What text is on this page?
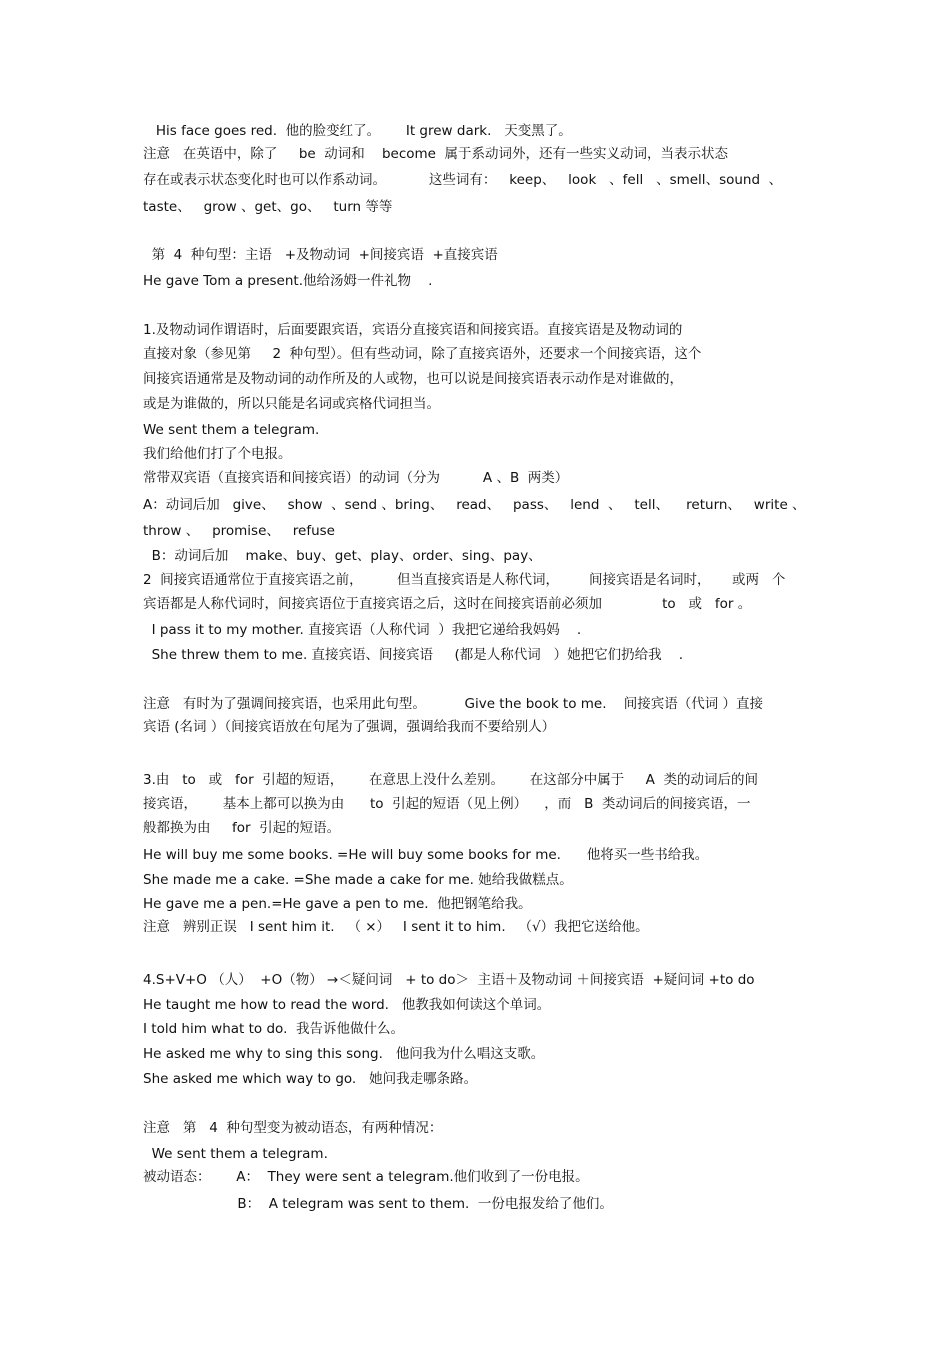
His face goes red.  他的脸变红了。      It grew dark.   天变黑了。
注意   在英语中，除了     be  动词和    become  属于系动词外，还有一些实义动词，当表示状态
存在或表示状态变化时也可以作系动词。          这些词有：   keep、   look   、fell   、smell、sound  、
taste、   grow 、get、go、   turn 等等
第  4  种句型：主语   +及物动词  +间接宾语  +直接宾语
He gave Tom a present.他给汤姆一件礼物    .
1.及物动词作谓语时，后面要跟宾语，宾语分直接宾语和间接宾语。直接宾语是及物动词的
直接对象（参见第     2  种句型）。但有些动词，除了直接宾语外，还要求一个间接宾语，这个
间接宾语通常是及物动词的动作所及的人或物，也可以说是间接宾语表示动作是对谁做的，
或是为谁做的，所以只能是名词或宾格代词担当。
We sent them a telegram.
我们给他们打了个电报。
常带双宾语（直接宾语和间接宾语）的动词（分为          A 、B  两类）
A：动词后加   give、   show  、send 、bring、   read、   pass、   lend  、   tell、    return、   write 、
throw 、   promise、   refuse
B：动词后加    make、buy、get、play、order、sing、pay、
2  间接宾语通常位于直接宾语之前，        但当直接宾语是人称代词，       间接宾语是名词时，     或两   个
宾语都是人称代词时，间接宾语位于直接宾语之后，这时在间接宾语前必须加              to   或   for 。
I pass it to my mother. 直接宾语（人称代词  ）我把它递给我妈妈    .
She threw them to me. 直接宾语、间接宾语     (都是人称代词   ）她把它们扔给我    .
注意   有时为了强调间接宾语，也采用此句型。         Give the book to me.    间接宾语（代词 ）直接
宾语 (名词 ）（间接宾语放在句尾为了强调，强调给我而不要给别人）
3.由   to   或   for  引超的短语，      在意思上没什么差别。      在这部分中属于     A  类的动词后的间
接宾语，      基本上都可以换为由      to  引起的短语（见上例）    ，而   B  类动词后的间接宾语，一
般都换为由     for  引起的短语。
He will buy me some books. =He will buy some books for me.      他将买一些书给我。
She made me a cake. =She made a cake for me. 她给我做糕点。
He gave me a pen.=He gave a pen to me.  他把钢笔给我。
注意   辨别正误   I sent him it.   （ ×）   I sent it to him.   （√）我把它送给他。
4.S+V+O （人）  +O（物） →＜疑问词   + to do＞  主语＋及物动词 ＋间接宾语  +疑问词 +to do
He taught me how to read the word.   他教我如何读这个单词。
I told him what to do.  我告诉他做什么。
He asked me why to sing this song.   他问我为什么唱这支歌。
She asked me which way to go.   她问我走哪条路。
注意   第   4  种句型变为被动语态，有两种情况：
We sent them a telegram.
被动语态：      A：  They were sent a telegram.他们收到了一份电报。
B：  A telegram was sent to them.  一份电报发给了他们。
